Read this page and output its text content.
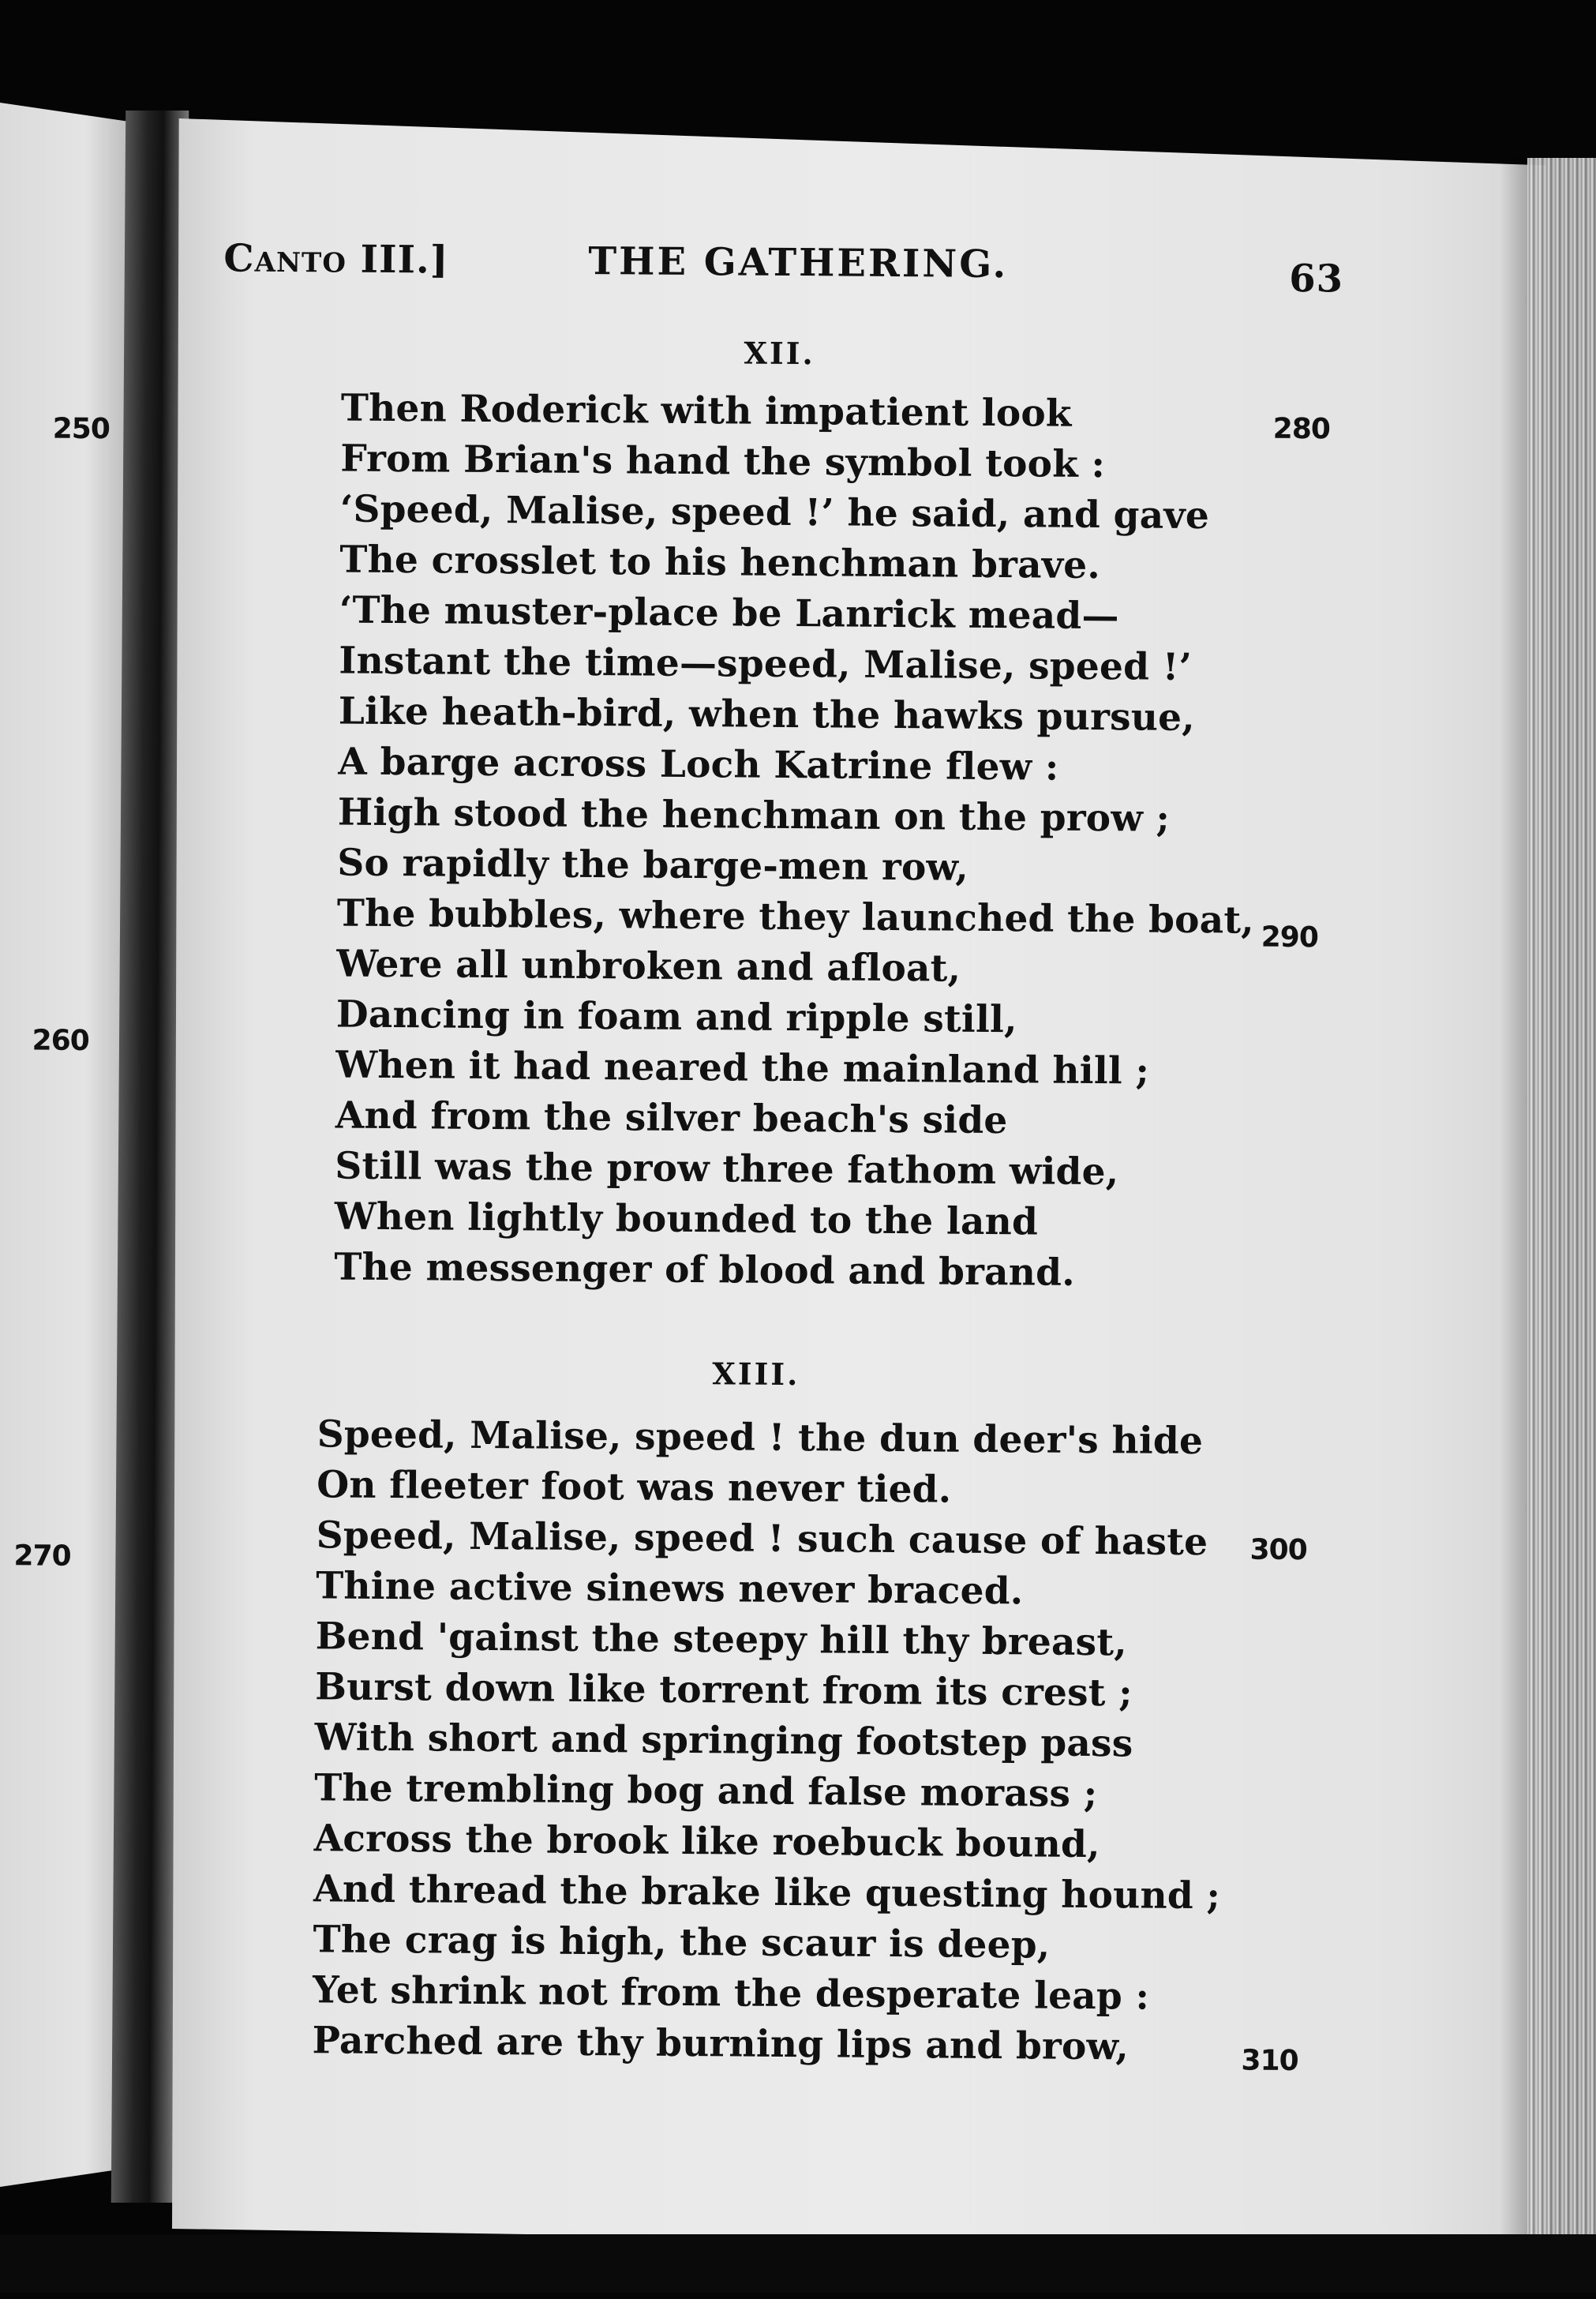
Canto III.]	THE GATHERING.	63
250
260
270
280
290
300
310
XII.
Then Roderick with impatient look
From Brian's hand the symbol took :
‘Speed, Malise, speed !’ he said, and gave
The crosslet to his henchman brave.
‘The muster-place be Lanrick mead—
Instant the time—speed, Malise, speed !’
Like heath-bird, when the hawks pursue,
A barge across Loch Katrine flew :
High stood the henchman on the prow ;
So rapidly the barge-men row,
The bubbles, where they launched the boat,
Were all unbroken and afloat,
Dancing in foam and ripple still,
When it had neared the mainland hill ;
And from the silver beach's side
Still was the prow three fathom wide,
When lightly bounded to the land
The messenger of blood and brand.
XIII.
Speed, Malise, speed ! the dun deer's hide
On fleeter foot was never tied.
Speed, Malise, speed ! such cause of haste
Thine active sinews never braced.
Bend 'gainst the steepy hill thy breast,
Burst down like torrent from its crest ;
With short and springing footstep pass
The trembling bog and false morass ;
Across the brook like roebuck bound,
And thread the brake like questing hound ;
The crag is high, the scaur is deep,
Yet shrink not from the desperate leap :
Parched are thy burning lips and brow,
